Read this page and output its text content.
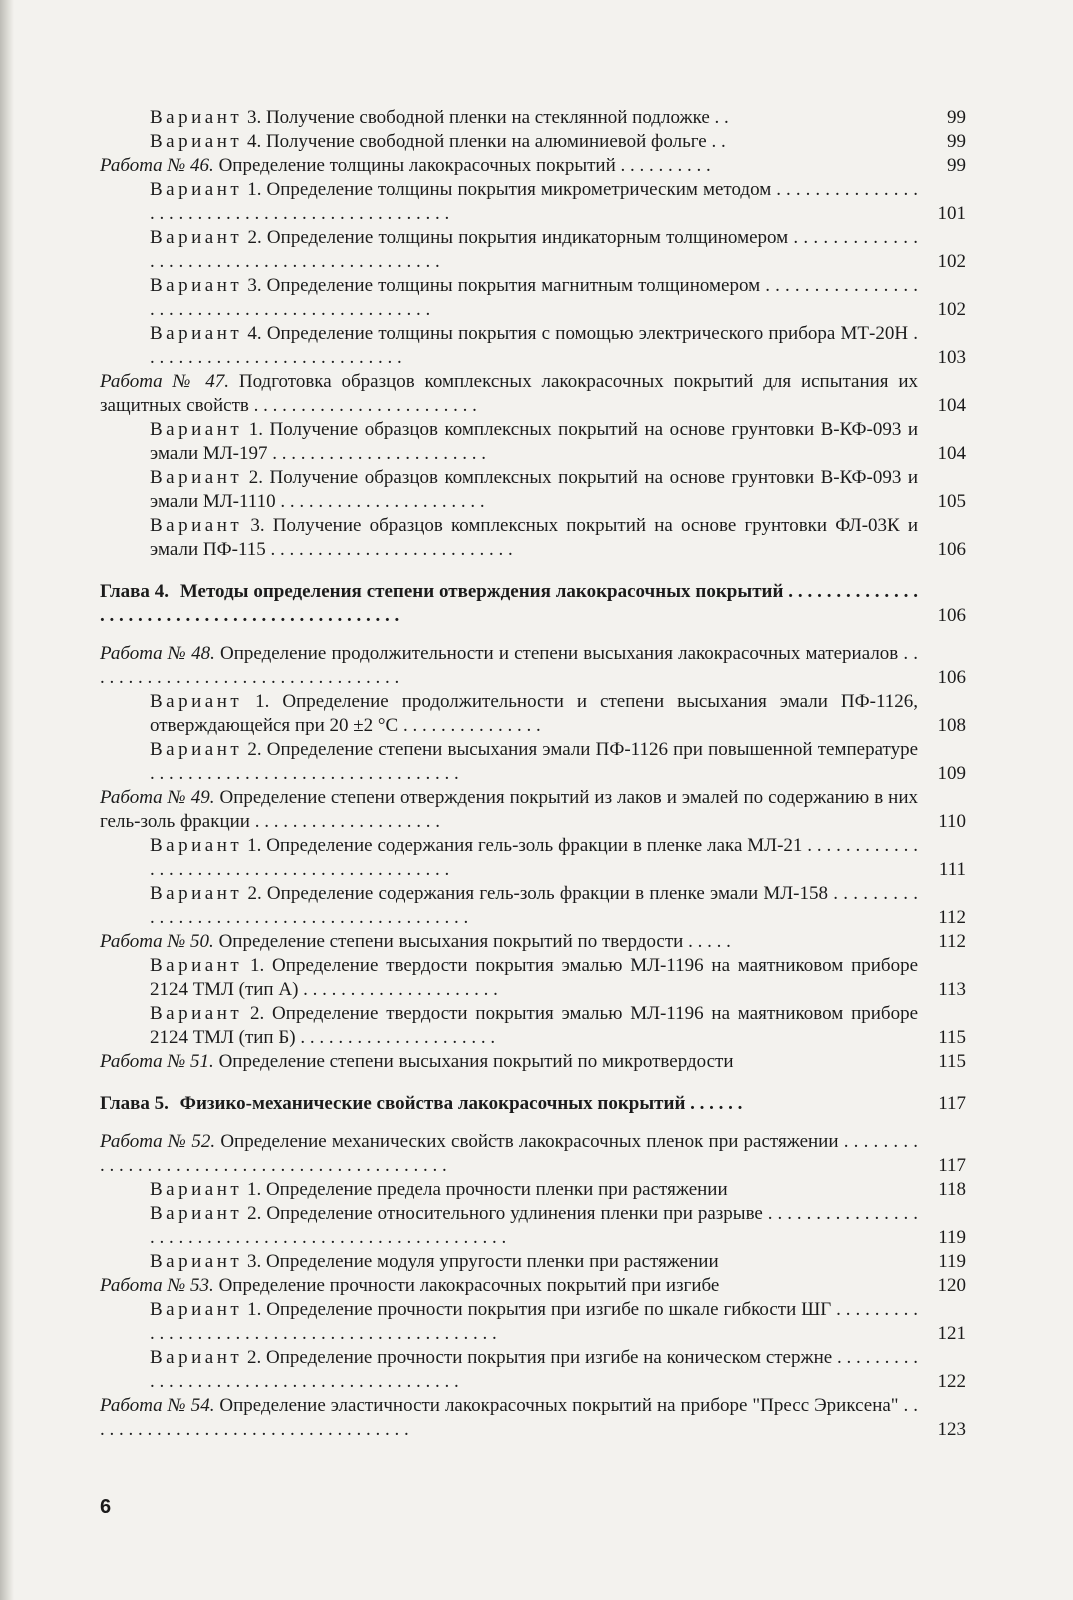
Вариант 3. Получение свободной пленки на стеклянной подложке . .	99
Вариант 4. Получение свободной пленки на алюминиевой фольге . .	99
Работа № 46. Определение толщины лакокрасочных покрытий . . . . . . . . . .	99
Вариант 1. Определение толщины покрытия микрометрическим методом . . . . . . . . . . . . . . . . . . . . . . . . . . . . . . . . . . . . . . . . . . . . . . .	101
Вариант 2. Определение толщины покрытия индикаторным толщиномером . . . . . . . . . . . . . . . . . . . . . . . . . . . . . . . . . . . . . . . . . . . .	102
Вариант 3. Определение толщины покрытия магнитным толщиномером . . . . . . . . . . . . . . . . . . . . . . . . . . . . . . . . . . . . . . . . . . . . . .	102
Вариант 4. Определение толщины покрытия с помощью электрического прибора МТ-20Н . . . . . . . . . . . . . . . . . . . . . . . . . . . .	103
Работа № 47. Подготовка образцов комплексных лакокрасочных покрытий для испытания их защитных свойств . . . . . . . . . . . . . . . . . . . . . . . .	104
Вариант 1. Получение образцов комплексных покрытий на основе грунтовки В-КФ-093 и эмали МЛ-197 . . . . . . . . . . . . . . . . . . . . . . .	104
Вариант 2. Получение образцов комплексных покрытий на основе грунтовки В-КФ-093 и эмали МЛ-1110 . . . . . . . . . . . . . . . . . . . . . .	105
Вариант 3. Получение образцов комплексных покрытий на основе грунтовки ФЛ-03К и эмали ПФ-115 . . . . . . . . . . . . . . . . . . . . . . . . . .	106
Глава 4. Методы определения степени отверждения лакокрасочных покрытий . . . . . . . . . . . . . . . . . . . . . . . . . . . . . . . . . . . . . . . . . . . . . .	106
Работа № 48. Определение продолжительности и степени высыхания лакокрасочных материалов . . . . . . . . . . . . . . . . . . . . . . . . . . . . . . . . . .	106
Вариант 1. Определение продолжительности и степени высыхания эмали ПФ-1126, отверждающейся при 20 ±2 °С . . . . . . . . . . . . . . .	108
Вариант 2. Определение степени высыхания эмали ПФ-1126 при повышенной температуре . . . . . . . . . . . . . . . . . . . . . . . . . . . . . . . . .	109
Работа № 49. Определение степени отверждения покрытий из лаков и эмалей по содержанию в них гель-золь фракции . . . . . . . . . . . . . . . . . . . .	110
Вариант 1. Определение содержания гель-золь фракции в пленке лака МЛ-21 . . . . . . . . . . . . . . . . . . . . . . . . . . . . . . . . . . . . . . . . . . . .	111
Вариант 2. Определение содержания гель-золь фракции в пленке эмали МЛ-158 . . . . . . . . . . . . . . . . . . . . . . . . . . . . . . . . . . . . . . . . . . .	112
Работа № 50. Определение степени высыхания покрытий по твердости . . . . .	112
Вариант 1. Определение твердости покрытия эмалью МЛ-1196 на маятниковом приборе 2124 ТМЛ (тип А) . . . . . . . . . . . . . . . . . . . . .	113
Вариант 2. Определение твердости покрытия эмалью МЛ-1196 на маятниковом приборе 2124 ТМЛ (тип Б) . . . . . . . . . . . . . . . . . . . . .	115
Работа № 51. Определение степени высыхания покрытий по микротвердости	115
Глава 5. Физико-механические свойства лакокрасочных покрытий . . . . . .	117
Работа № 52. Определение механических свойств лакокрасочных пленок при растяжении . . . . . . . . . . . . . . . . . . . . . . . . . . . . . . . . . . . . . . . . . . . . .	117
Вариант 1. Определение предела прочности пленки при растяжении	118
Вариант 2. Определение относительного удлинения пленки при разрыве . . . . . . . . . . . . . . . . . . . . . . . . . . . . . . . . . . . . . . . . . . . . . . . . . . . . . .	119
Вариант 3. Определение модуля упругости пленки при растяжении	119
Работа № 53. Определение прочности лакокрасочных покрытий при изгибе	120
Вариант 1. Определение прочности покрытия при изгибе по шкале гибкости ШГ . . . . . . . . . . . . . . . . . . . . . . . . . . . . . . . . . . . . . . . . . . . . . .	121
Вариант 2. Определение прочности покрытия при изгибе на коническом стержне . . . . . . . . . . . . . . . . . . . . . . . . . . . . . . . . . . . . . . . . . .	122
Работа № 54. Определение эластичности лакокрасочных покрытий на приборе "Пресс Эриксена" . . . . . . . . . . . . . . . . . . . . . . . . . . . . . . . . . . .	123
6
